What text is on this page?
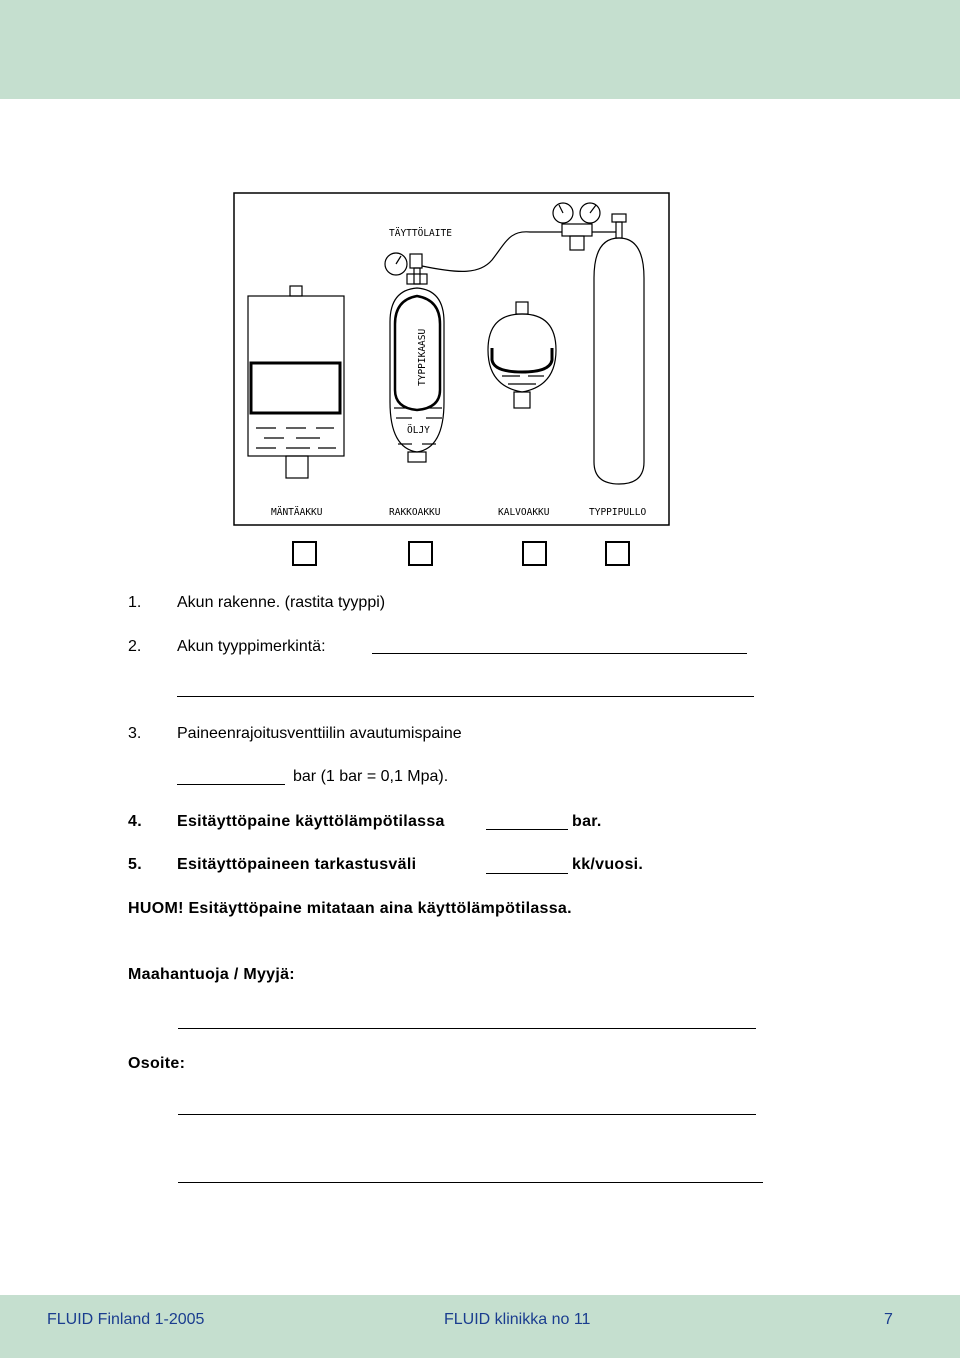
TÄYTTÖLAITE
TYPPIKAASU
ÖLJY
MÄNTÄAKKU	RAKKOAKKU	KALVOAKKU	TYPPIPULLO
1. Akun rakenne. (rastita tyyppi)
2. Akun tyyppimerkintä:
3. Paineenrajoitusventtiilin avautumispaine
bar (1 bar = 0,1 Mpa).
4. Esitäyttöpaine käyttölämpötilassa	bar.
5. Esitäyttöpaineen tarkastusväli	kk/vuosi.
HUOM! Esitäyttöpaine mitataan aina käyttölämpötilassa.
Maahantuoja / Myyjä:
Osoite:
FLUID Finland 1-2005	FLUID klinikka no 11	7
